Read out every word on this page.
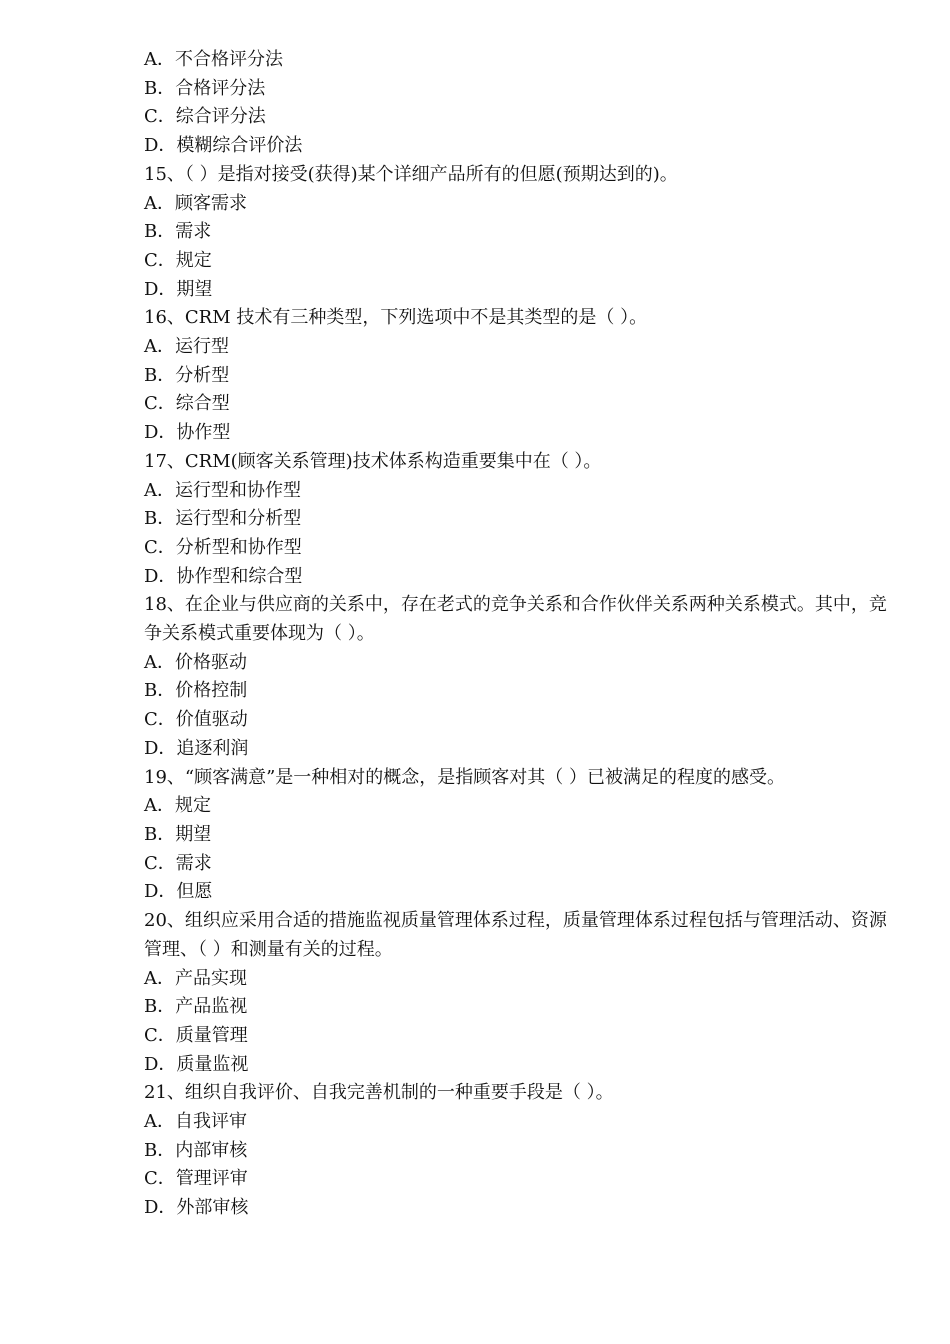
A．不合格评分法
B．合格评分法
C．综合评分法
D．模糊综合评价法
15、（ ）是指对接受(获得)某个详细产品所有的但愿(预期达到的)。
A．顾客需求
B．需求
C．规定
D．期望
16、CRM 技术有三种类型，下列选项中不是其类型的是（ ）。
A．运行型
B．分析型
C．综合型
D．协作型
17、CRM(顾客关系管理)技术体系构造重要集中在（ ）。
A．运行型和协作型
B．运行型和分析型
C．分析型和协作型
D．协作型和综合型
18、在企业与供应商的关系中，存在老式的竞争关系和合作伙伴关系两种关系模式。其中，竞争关系模式重要体现为（ ）。
A．价格驱动
B．价格控制
C．价值驱动
D．追逐利润
19、“顾客满意”是一种相对的概念，是指顾客对其（ ）已被满足的程度的感受。
A．规定
B．期望
C．需求
D．但愿
20、组织应采用合适的措施监视质量管理体系过程，质量管理体系过程包括与管理活动、资源管理、（ ）和测量有关的过程。
A．产品实现
B．产品监视
C．质量管理
D．质量监视
21、组织自我评价、自我完善机制的一种重要手段是（ ）。
A．自我评审
B．内部审核
C．管理评审
D．外部审核
